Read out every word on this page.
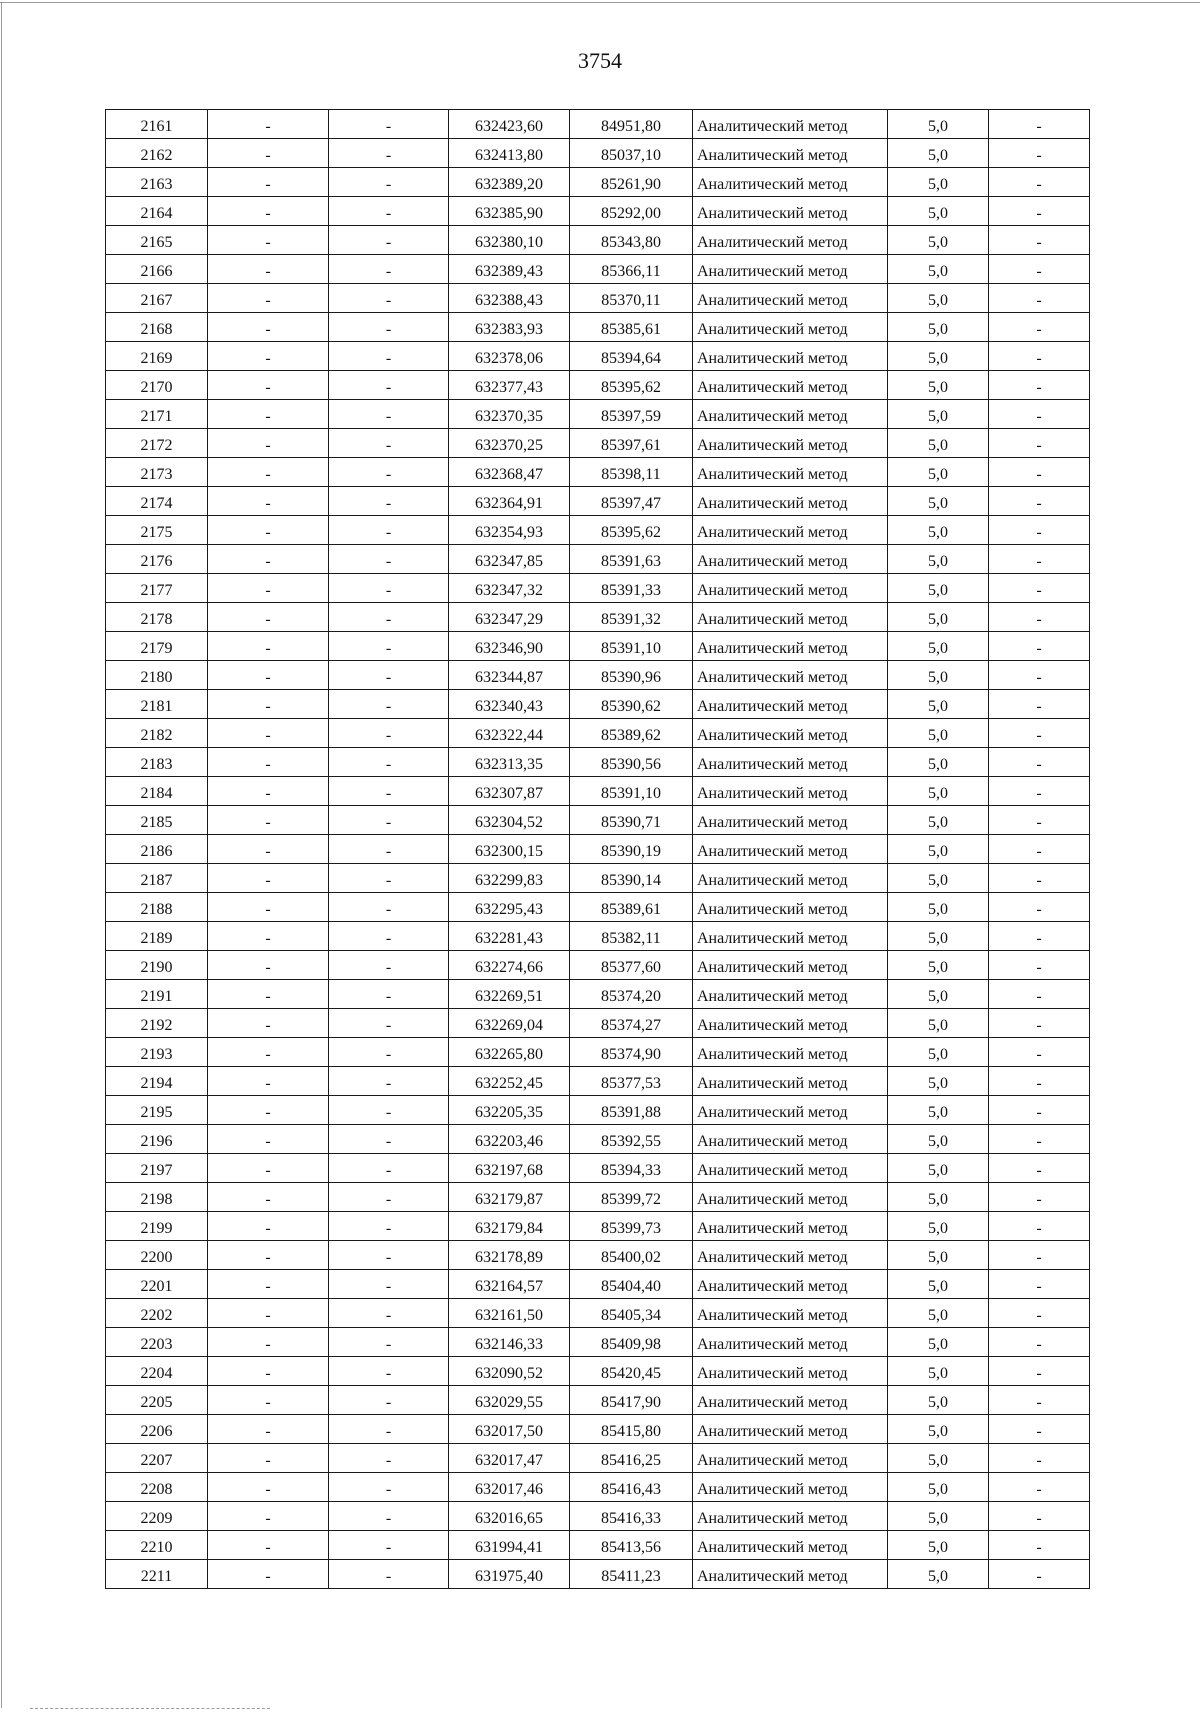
3754
2161	-	-	632423,60	84951,80	Аналитический метод	5,0	-
2162	-	-	632413,80	85037,10	Аналитический метод	5,0	-
2163	-	-	632389,20	85261,90	Аналитический метод	5,0	-
2164	-	-	632385,90	85292,00	Аналитический метод	5,0	-
2165	-	-	632380,10	85343,80	Аналитический метод	5,0	-
2166	-	-	632389,43	85366,11	Аналитический метод	5,0	-
2167	-	-	632388,43	85370,11	Аналитический метод	5,0	-
2168	-	-	632383,93	85385,61	Аналитический метод	5,0	-
2169	-	-	632378,06	85394,64	Аналитический метод	5,0	-
2170	-	-	632377,43	85395,62	Аналитический метод	5,0	-
2171	-	-	632370,35	85397,59	Аналитический метод	5,0	-
2172	-	-	632370,25	85397,61	Аналитический метод	5,0	-
2173	-	-	632368,47	85398,11	Аналитический метод	5,0	-
2174	-	-	632364,91	85397,47	Аналитический метод	5,0	-
2175	-	-	632354,93	85395,62	Аналитический метод	5,0	-
2176	-	-	632347,85	85391,63	Аналитический метод	5,0	-
2177	-	-	632347,32	85391,33	Аналитический метод	5,0	-
2178	-	-	632347,29	85391,32	Аналитический метод	5,0	-
2179	-	-	632346,90	85391,10	Аналитический метод	5,0	-
2180	-	-	632344,87	85390,96	Аналитический метод	5,0	-
2181	-	-	632340,43	85390,62	Аналитический метод	5,0	-
2182	-	-	632322,44	85389,62	Аналитический метод	5,0	-
2183	-	-	632313,35	85390,56	Аналитический метод	5,0	-
2184	-	-	632307,87	85391,10	Аналитический метод	5,0	-
2185	-	-	632304,52	85390,71	Аналитический метод	5,0	-
2186	-	-	632300,15	85390,19	Аналитический метод	5,0	-
2187	-	-	632299,83	85390,14	Аналитический метод	5,0	-
2188	-	-	632295,43	85389,61	Аналитический метод	5,0	-
2189	-	-	632281,43	85382,11	Аналитический метод	5,0	-
2190	-	-	632274,66	85377,60	Аналитический метод	5,0	-
2191	-	-	632269,51	85374,20	Аналитический метод	5,0	-
2192	-	-	632269,04	85374,27	Аналитический метод	5,0	-
2193	-	-	632265,80	85374,90	Аналитический метод	5,0	-
2194	-	-	632252,45	85377,53	Аналитический метод	5,0	-
2195	-	-	632205,35	85391,88	Аналитический метод	5,0	-
2196	-	-	632203,46	85392,55	Аналитический метод	5,0	-
2197	-	-	632197,68	85394,33	Аналитический метод	5,0	-
2198	-	-	632179,87	85399,72	Аналитический метод	5,0	-
2199	-	-	632179,84	85399,73	Аналитический метод	5,0	-
2200	-	-	632178,89	85400,02	Аналитический метод	5,0	-
2201	-	-	632164,57	85404,40	Аналитический метод	5,0	-
2202	-	-	632161,50	85405,34	Аналитический метод	5,0	-
2203	-	-	632146,33	85409,98	Аналитический метод	5,0	-
2204	-	-	632090,52	85420,45	Аналитический метод	5,0	-
2205	-	-	632029,55	85417,90	Аналитический метод	5,0	-
2206	-	-	632017,50	85415,80	Аналитический метод	5,0	-
2207	-	-	632017,47	85416,25	Аналитический метод	5,0	-
2208	-	-	632017,46	85416,43	Аналитический метод	5,0	-
2209	-	-	632016,65	85416,33	Аналитический метод	5,0	-
2210	-	-	631994,41	85413,56	Аналитический метод	5,0	-
2211	-	-	631975,40	85411,23	Аналитический метод	5,0	-
